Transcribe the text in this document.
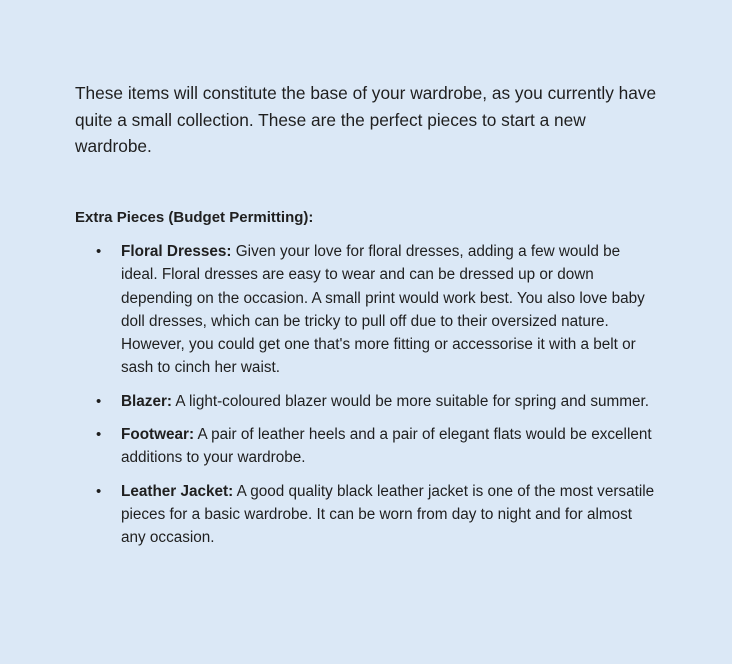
These items will constitute the base of your wardrobe, as you currently have quite a small collection. These are the perfect pieces to start a new wardrobe.

Extra Pieces (Budget Permitting):

• Floral Dresses: Given your love for floral dresses, adding a few would be ideal. Floral dresses are easy to wear and can be dressed up or down depending on the occasion. A small print would work best. You also love baby doll dresses, which can be tricky to pull off due to their oversized nature. However, you could get one that's more fitting or accessorise it with a belt or sash to cinch her waist.
• Blazer: A light-coloured blazer would be more suitable for spring and summer.
• Footwear: A pair of leather heels and a pair of elegant flats would be excellent additions to your wardrobe.
• Leather Jacket: A good quality black leather jacket is one of the most versatile pieces for a basic wardrobe. It can be worn from day to night and for almost any occasion.
